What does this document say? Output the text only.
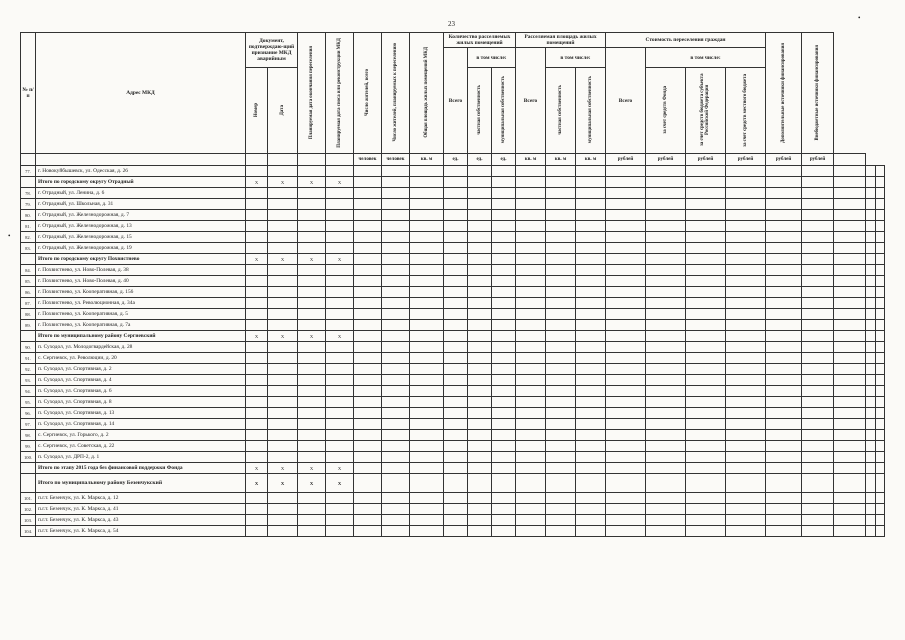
23
•
•
№ п/п	Адрес МКД	Документ, подтверждаю-щий признание МКД аварийным		Планируемая дата окончания переселения	Планируемая дата сноса или реконструкции МКД	Число жителей, всего	Число жителей, планируемых к переселению	Общая площадь жилых помещений МКД	Количество расселяемых жилых помещений			Расселяемая площадь жилых помещений			Стоимость переселения граждан				Дополнительные источники финансирования	Внебюджетные источники финансирования			
									Всего	в том числе:		Всего	в том числе:		Всего	в том числе:							
		Номер	Дата							частная собственность	муниципальная собственность		частная собственность	муниципальная собственность		за счет средств Фонда	за счет средств бюджета субъекта Российской Федерации	за счет средств местного бюджета					
						человек	человек	кв. м	ед.	ед.	ед.	кв. м	кв. м	кв. м	рублей	рублей	рублей	рублей	рублей	рублей			
77.	г. Новокуйбышевск, ул. Одесская, д. 26																						
	Итого по городскому округу Отрадный	X	X	X	X																		
78.	г. Отрадный, ул. Ленина, д. 6																						
79.	г. Отрадный, ул. Школьная, д. 31																						
80.	г. Отрадный, ул. Железнодорожная, д. 7																						
81.	г. Отрадный, ул. Железнодорожная, д. 13																						
82.	г. Отрадный, ул. Железнодорожная, д. 15																						
83.	г. Отрадный, ул. Железнодорожная, д. 19																						
	Итого по городскому округу Похвистнево	X	X	X	X																		
84.	г. Похвистнево, ул. Ново-Полевая, д. 38																						
85.	г. Похвистнево, ул. Ново-Полевая, д. 40																						
86.	г. Похвистнево, ул. Кооперативная, д. 156																						
87.	г. Похвистнево, ул. Революционная, д. 34а																						
88.	г. Похвистнево, ул. Кооперативная, д. 5																						
89.	г. Похвистнево, ул. Кооперативная, д. 7а																						
	Итого по муниципальному району Сергиевский	X	X	X	X																		
90.	п. Суходол, ул. Молодогвардейская, д. 28																						
91.	с. Сергиевск, ул. Революции, д. 20																						
92.	п. Суходол, ул. Спортивная, д. 2																						
93.	п. Суходол, ул. Спортивная, д. 4																						
94.	п. Суходол, ул. Спортивная, д. 6																						
95.	п. Суходол, ул. Спортивная, д. 8																						
96.	п. Суходол, ул. Спортивная, д. 13																						
97.	п. Суходол, ул. Спортивная, д. 14																						
98.	с. Сергиевск, ул. Горького, д. 2																						
99.	с. Сергиевск, ул. Советская, д. 22																						
100.	п. Суходол, ул. ДРП-2, д. 1																						
	Итого по этапу 2015 года без финансовой поддержки Фонда	X	X	X	X																		
	Итого по муниципальному району Безенчукский	X	X	X	X																		
101.	п.г.т. Безенчук, ул. К. Маркса, д. 12																						
102.	п.г.т. Безенчук, ул. К. Маркса, д. 41																						
103.	п.г.т. Безенчук, ул. К. Маркса, д. 43																						
104.	п.г.т. Безенчук, ул. К. Маркса, д. 54																						
